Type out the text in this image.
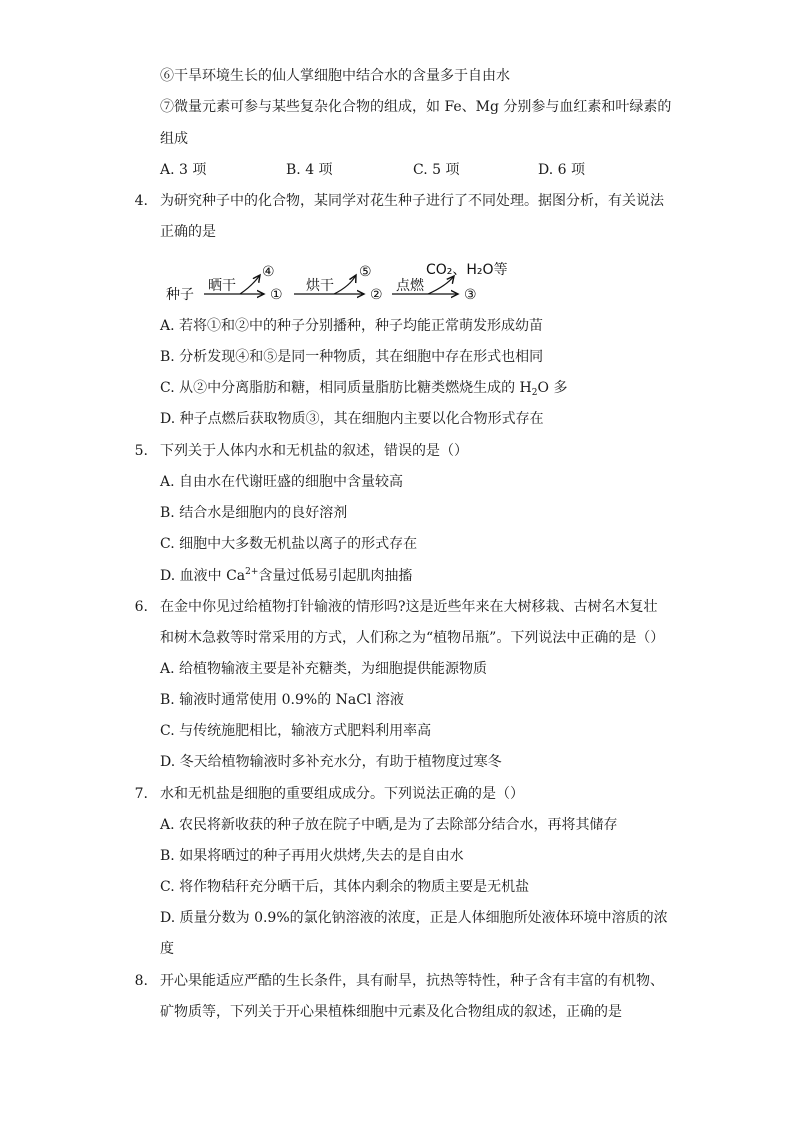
⑥干旱环境生长的仙人掌细胞中结合水的含量多于自由水
⑦微量元素可参与某些复杂化合物的组成，如 Fe、Mg 分别参与血红素和叶绿素的
组成
A. 3 项	B. 4 项	C. 5 项	D. 6 项
4. 为研究种子中的化合物，某同学对花生种子进行了不同处理。据图分析，有关说法
正确的是
种子
晒干
④
①
烘干
⑤
②
点燃
CO₂、H₂O等
③
A. 若将①和②中的种子分别播种，种子均能正常萌发形成幼苗
B. 分析发现④和⑤是同一种物质，其在细胞中存在形式也相同
C. 从②中分离脂肪和糖，相同质量脂肪比糖类燃烧生成的 $H_2O$ 多
D. 种子点燃后获取物质③，其在细胞内主要以化合物形式存在
5. 下列关于人体内水和无机盐的叙述，错误的是（）
A. 自由水在代谢旺盛的细胞中含量较高
B. 结合水是细胞内的良好溶剂
C. 细胞中大多数无机盐以离子的形式存在
D. 血液中 $Ca^{2+}$含量过低易引起肌肉抽搐
6. 在金中你见过给植物打针输液的情形吗?这是近些年来在大树移栽、古树名木复壮
和树木急救等时常采用的方式，人们称之为“植物吊瓶”。下列说法中正确的是（）
A. 给植物输液主要是补充糖类，为细胞提供能源物质
B. 输液时通常使用 0.9%的 NaCl 溶液
C. 与传统施肥相比，输液方式肥料利用率高
D. 冬天给植物输液时多补充水分，有助于植物度过寒冬
7. 水和无机盐是细胞的重要组成成分。下列说法正确的是（）
A. 农民将新收获的种子放在院子中晒,是为了去除部分结合水，再将其储存
B. 如果将晒过的种子再用火烘烤,失去的是自由水
C. 将作物秸秆充分晒干后，其体内剩余的物质主要是无机盐
D. 质量分数为 0.9%的氯化钠溶液的浓度，正是人体细胞所处液体环境中溶质的浓
度
8. 开心果能适应严酷的生长条件，具有耐旱，抗热等特性，种子含有丰富的有机物、
矿物质等，下列关于开心果植株细胞中元素及化合物组成的叙述，正确的是
